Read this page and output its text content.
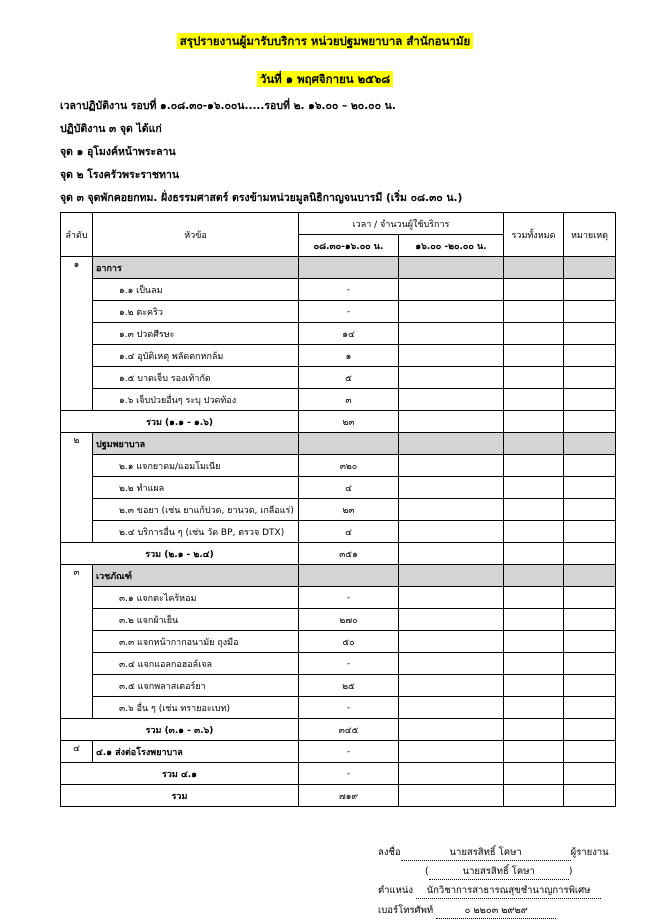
สรุปรายงานผู้มารับบริการ หน่วยปฐมพยาบาล สำนักอนามัย
วันที่ ๑ พฤศจิกายน ๒๕๖๘
เวลาปฏิบัติงาน รอบที่ ๑.๐๘.๓๐-๑๖.๐๐น.....รอบที่ ๒. ๑๖.๐๐ – ๒๐.๐๐ น.
ปฏิบัติงาน ๓ จุด ได้แก่
จุด ๑ อุโมงค์หน้าพระลาน
จุด ๒ โรงครัวพระราชทาน
จุด ๓ จุดพักคอยกทม. ฝั่งธรรมศาสตร์ ตรงข้ามหน่วยมูลนิธิกาญจนบารมี (เริ่ม ๐๘.๓๐ น.)
ลำดับ	หัวข้อ	เวลา / จำนวนผู้ใช้บริการ		รวมทั้งหมด	หมายเหตุ
		๐๘.๓๐-๑๖.๐๐ น.	๑๖.๐๐ -๒๐.๐๐ น.		
๑	อาการ				
	๑.๑ เป็นลม	-			
	๑.๒ ตะคริว	-			
	๑.๓ ปวดศีรษะ	๑๔			
	๑.๔ อุบัติเหตุ พลัดตกหกล้ม	๑			
	๑.๕ บาดเจ็บ รองเท้ากัด	๕			
	๑.๖ เจ็บป่วยอื่นๆ ระบุ ปวดท้อง	๓			
รวม (๑.๑ - ๑.๖)		๒๓			
๒	ปฐมพยาบาล				
	๒.๑ แจกยาดม/แอมโมเนีย	๓๒๐			
	๒.๒ ทำแผล	๔			
	๒.๓ ขอยา (เช่น ยาแก้ปวด, ยานวด, เกลือแร่)	๒๓			
	๒.๔ บริการอื่น ๆ (เช่น วัด BP, ตรวจ DTX)	๔			
รวม (๒.๑ - ๒.๔)		๓๕๑			
๓	เวชภัณฑ์				
	๓.๑ แจกตะไคร้หอม	-			
	๓.๒ แจกผ้าเย็น	๒๗๐			
	๓.๓ แจกหน้ากากอนามัย ถุงมือ	๕๐			
	๓.๔ แจกแอลกอฮอล์เจล	-			
	๓.๕ แจกพลาสเตอร์ยา	๒๕			
	๓.๖ อื่น ๆ (เช่น ทรายอะเบท)	-			
รวม (๓.๑ - ๓.๖)		๓๔๕			
๔	๔.๑ ส่งต่อโรงพยาบาล	-			
รวม ๔.๑		-			
รวม		๗๑๙			
ลงชื่อ	นายสรสิทธิ์ โคษา	ผู้รายงาน
(	นายสรสิทธิ์ โคษา	)
ตำแหน่ง นักวิชาการสาธารณสุขชำนาญการพิเศษ
เบอร์โทรศัพท์	๐ ๒๒๐๓ ๒๙๒๙
